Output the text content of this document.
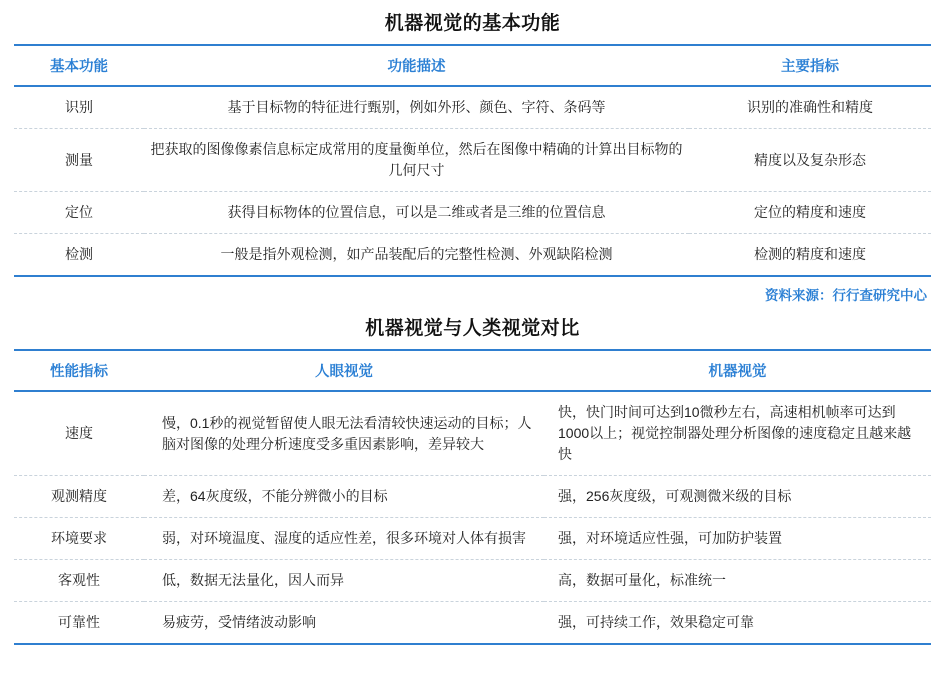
机器视觉的基本功能
基本功能	功能描述	主要指标
识别	基于目标物的特征进行甄别，例如外形、颜色、字符、条码等	识别的准确性和精度
测量	把获取的图像像素信息标定成常用的度量衡单位，然后在图像中精确的计算出目标物的几何尺寸	精度以及复杂形态
定位	获得目标物体的位置信息，可以是二维或者是三维的位置信息	定位的精度和速度
检测	一般是指外观检测，如产品装配后的完整性检测、外观缺陷检测	检测的精度和速度
资料来源：行行查研究中心
机器视觉与人类视觉对比
性能指标	人眼视觉	机器视觉
速度	慢，0.1秒的视觉暂留使人眼无法看清较快速运动的目标；人脑对图像的处理分析速度受多重因素影响，差异较大	快，快门时间可达到10微秒左右，高速相机帧率可达到1000以上；视觉控制器处理分析图像的速度稳定且越来越快
观测精度	差，64灰度级，不能分辨微小的目标	强，256灰度级，可观测微米级的目标
环境要求	弱，对环境温度、湿度的适应性差，很多环境对人体有损害	强，对环境适应性强，可加防护装置
客观性	低，数据无法量化，因人而异	高，数据可量化，标准统一
可靠性	易疲劳，受情绪波动影响	强，可持续工作，效果稳定可靠
